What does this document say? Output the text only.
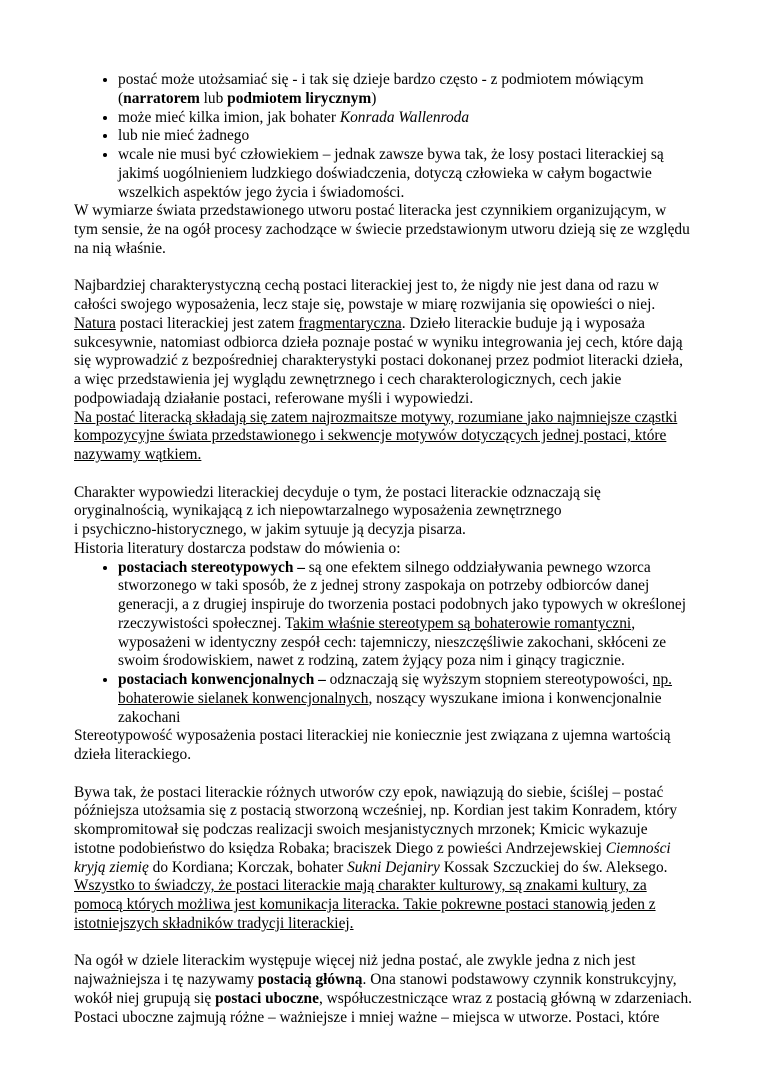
• postać może utożsamiać się - i tak się dzieje bardzo często - z podmiotem mówiącym (narratorem lub podmiotem lirycznym)
• może mieć kilka imion, jak bohater Konrada Wallenroda
• lub nie mieć żadnego
• wcale nie musi być człowiekiem – jednak zawsze bywa tak, że losy postaci literackiej są jakimś uogólnieniem ludzkiego doświadczenia, dotyczą człowieka w całym bogactwie wszelkich aspektów jego życia i świadomości.

W wymiarze świata przedstawionego utworu postać literacka jest czynnikiem organizującym, w tym sensie, że na ogół procesy zachodzące w świecie przedstawionym utworu dzieją się ze względu na nią właśnie.

Najbardziej charakterystyczną cechą postaci literackiej jest to, że nigdy nie jest dana od razu w całości swojego wyposażenia, lecz staje się, powstaje w miarę rozwijania się opowieści o niej. Natura postaci literackiej jest zatem fragmentaryczna. Dzieło literackie buduje ją i wyposaża sukcesywnie, natomiast odbiorca dzieła poznaje postać w wyniku integrowania jej cech, które dają się wyprowadzić z bezpośredniej charakterystyki postaci dokonanej przez podmiot literacki dzieła, a więc przedstawienia jej wyglądu zewnętrznego i cech charakterologicznych, cech jakie podpowiadają działanie postaci, referowane myśli i wypowiedzi.

Na postać literacką składają się zatem najrozmaitsze motywy, rozumiane jako najmniejsze cząstki kompozycyjne świata przedstawionego i sekwencje motywów dotyczących jednej postaci, które nazywamy wątkiem.

Charakter wypowiedzi literackiej decyduje o tym, że postaci literackie odznaczają się oryginalnością, wynikającą z ich niepowtarzalnego wyposażenia zewnętrznego
i psychiczno-historycznego, w jakim sytuuje ją decyzja pisarza.
Historia literatury dostarcza podstaw do mówienia o:

• postaciach stereotypowych – są one efektem silnego oddziaływania pewnego wzorca stworzonego w taki sposób, że z jednej strony zaspokaja on potrzeby odbiorców danej generacji, a z drugiej inspiruje do tworzenia postaci podobnych jako typowych w określonej rzeczywistości społecznej. Takim właśnie stereotypem są bohaterowie romantyczni, wyposażeni w identyczny zespół cech: tajemniczy, nieszczęśliwie zakochani, skłóceni ze swoim środowiskiem, nawet z rodziną, zatem żyjący poza nim i ginący tragicznie.
• postaciach konwencjonalnych – odznaczają się wyższym stopniem stereotypowości, np. bohaterowie sielanek konwencjonalnych, noszący wyszukane imiona i konwencjonalnie zakochani

Stereotypowość wyposażenia postaci literackiej nie koniecznie jest związana z ujemna wartością dzieła literackiego.

Bywa tak, że postaci literackie różnych utworów czy epok, nawiązują do siebie, ściślej – postać późniejsza utożsamia się z postacią stworzoną wcześniej, np. Kordian jest takim Konradem, który skompromitował się podczas realizacji swoich mesjanistycznych mrzonek; Kmicic wykazuje istotne podobieństwo do księdza Robaka; braciszek Diego z powieści Andrzejewskiej Ciemności kryją ziemię do Kordiana; Korczak, bohater Sukni Dejaniry Kossak Szczuckiej do św. Aleksego.

Wszystko to świadczy, że postaci literackie mają charakter kulturowy, są znakami kultury, za pomocą których możliwa jest komunikacja literacka. Takie pokrewne postaci stanowią jeden z istotniejszych składników tradycji literackiej.

Na ogół w dziele literackim występuje więcej niż jedna postać, ale zwykle jedna z nich jest najważniejsza i tę nazywamy postacią główną. Ona stanowi podstawowy czynnik konstrukcyjny, wokół niej grupują się postaci uboczne, współuczestniczące wraz z postacią główną w zdarzeniach. Postaci uboczne zajmują różne – ważniejsze i mniej ważne – miejsca w utworze. Postaci, które
